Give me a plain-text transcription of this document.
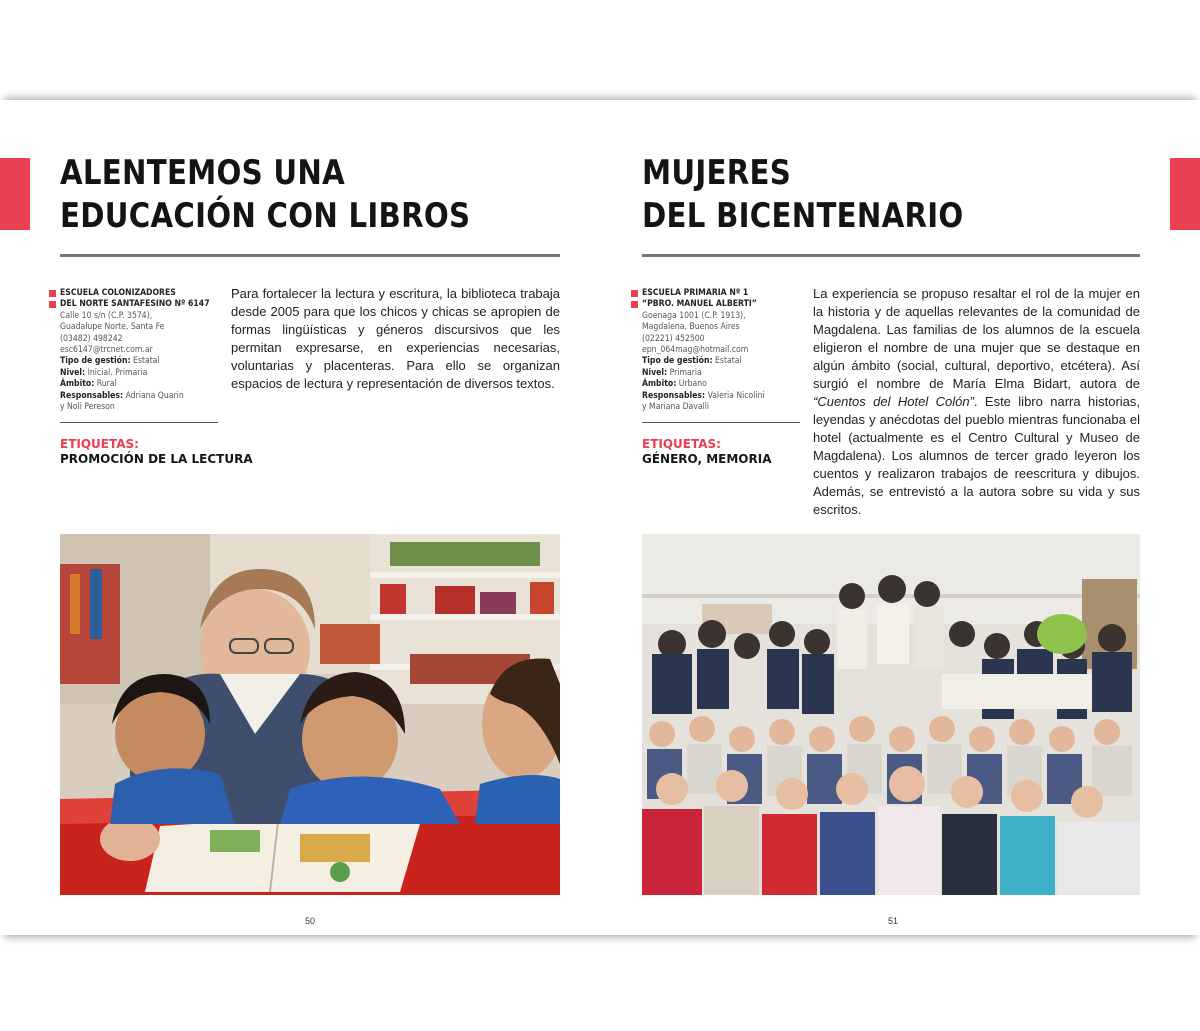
ALENTEMOS UNA
EDUCACIÓN CON LIBROS
ESCUELA COLONIZADORES
DEL NORTE SANTAFESINO Nº 6147
Calle 10 s/n (C.P. 3574),
Guadalupe Norte, Santa Fe
(03482) 498242
esc6147@trcnet.com.ar
Tipo de gestión: Estatal
Nivel: Inicial. Primaria
Ámbito: Rural
Responsables: Adriana Quarin
y Noli Pereson
ETIQUETAS:
PROMOCIÓN DE LA LECTURA

Para fortalecer la lectura y escritura, la biblioteca trabaja desde 2005 para que los chicos y chicas se apropien de formas lingüísticas y géneros discursivos que les permitan expresarse, en experiencias necesarias, voluntarias y placenteras. Para ello se organizan espacios de lectura y representación de diversos textos.

50
MUJERES
DEL BICENTENARIO
ESCUELA PRIMARIA Nº 1
“PBRO. MANUEL ALBERTI”
Goenaga 1001 (C.P. 1913),
Magdalena, Buenos Aires
(02221) 452500
epn_064mag@hotmail.com
Tipo de gestión: Estatal
Nivel: Primaria
Ámbito: Urbano
Responsables: Valeria Nicolini
y Mariana Davalli
ETIQUETAS:
GÉNERO, MEMORIA

La experiencia se propuso resaltar el rol de la mujer en la historia y de aquellas relevantes de la comunidad de Magdalena. Las familias de los alumnos de la escuela eligieron el nombre de una mujer que se destaque en algún ámbito (social, cultural, deportivo, etcétera). Así surgió el nombre de María Elma Bidart, autora de “Cuentos del Hotel Colón”. Este libro narra historias, leyendas y anécdotas del pueblo mientras funcionaba el hotel (actualmente es el Centro Cultural y Museo de Magdalena). Los alumnos de tercer grado leyeron los cuentos y realizaron trabajos de reescritura y dibujos. Además, se entrevistó a la autora sobre su vida y sus escritos.

51
